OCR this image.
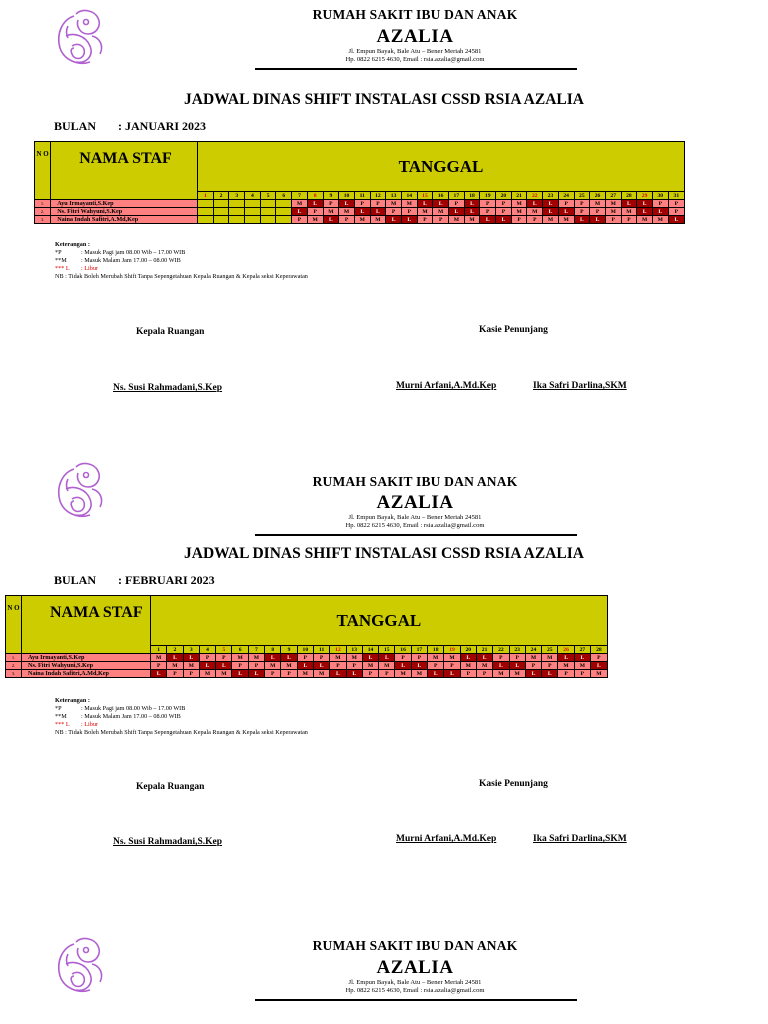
RUMAH SAKIT IBU DAN ANAK
AZALIA
Jl. Empun Bayak, Bale Atu – Bener Meriah 24581
Hp. 0822 6215 4630, Email : rsia.azalia@gmail.com
JADWAL DINAS SHIFT INSTALASI CSSD RSIA AZALIA
BULAN : JANUARI 2023
N O	NAMA STAF	TANGGAL																														
		1	2	3	4	5	6	7	8	9	10	11	12	13	14	15	16	17	18	19	20	21	22	23	24	25	26	27	28	29	30	31
1.	Ayu Irmayanti,S.Kep							M	L	P	L	P	P	M	M	L	L	P	L	P	P	M	L	L	P	P	M	M	L	L	P	P
2.	Ns. Fitri Wahyuni,S.Kep							L	P	M	M	L	L	P	P	M	M	L	L	P	P	M	M	L	L	P	P	M	M	L	L	P
3.	Naina Indah Safitri,A.Md,Kep							P	M	L	P	M	M	L	L	P	P	M	M	L	L	P	P	M	M	L	L	P	P	M	M	L
Keterangan :
*P	: Masuk Pagi jam 08.00 Wib – 17.00 WIB
**M : Masuk Malam Jam 17.00 – 08.00 WIB
*** L : Libur
NB : Tidak Boleh Merubah Shift Tanpa Sepengetahuan Kepala Ruangan & Kepala seksi Keperawatan
Kepala Ruangan	Kasie Penunjang
Ns. Susi Rahmadani,S.Kep	Murni Arfani,A.Md.Kep	Ika Safri Darlina,SKM
RUMAH SAKIT IBU DAN ANAK
AZALIA
Jl. Empun Bayak, Bale Atu – Bener Meriah 24581
Hp. 0822 6215 4630, Email : rsia.azalia@gmail.com
JADWAL DINAS SHIFT INSTALASI CSSD RSIA AZALIA
BULAN : FEBRUARI 2023
N O	NAMA STAF	TANGGAL																											
		1	2	3	4	5	6	7	8	9	10	11	12	13	14	15	16	17	18	19	20	21	22	23	24	25	26	27	28
1.	Ayu Irmayanti,S.Kep	M	L	L	P	P	M	M	L	L	P	P	M	M	L	L	P	P	M	M	L	L	P	P	M	M	L	L	P
2.	Ns. Fitri Wahyuni,S.Kep	P	M	M	L	L	P	P	M	M	L	L	P	P	M	M	L	L	P	P	M	M	L	L	P	P	M	M	L
3.	Naina Indah Safitri,A.Md,Kep	L	P	P	M	M	L	L	P	P	M	M	L	L	P	P	M	M	L	L	P	P	M	M	L	L	P	P	M
Keterangan :
*P	: Masuk Pagi jam 08.00 Wib – 17.00 WIB
**M : Masuk Malam Jam 17.00 – 08.00 WIB
*** L : Libur
NB : Tidak Boleh Merubah Shift Tanpa Sepengetahuan Kepala Ruangan & Kepala seksi Keperawatan
Kepala Ruangan	Kasie Penunjang
Ns. Susi Rahmadani,S.Kep	Murni Arfani,A.Md.Kep	Ika Safri Darlina,SKM
RUMAH SAKIT IBU DAN ANAK
AZALIA
Jl. Empun Bayak, Bale Atu – Bener Meriah 24581
Hp. 0822 6215 4630, Email : rsia.azalia@gmail.com
